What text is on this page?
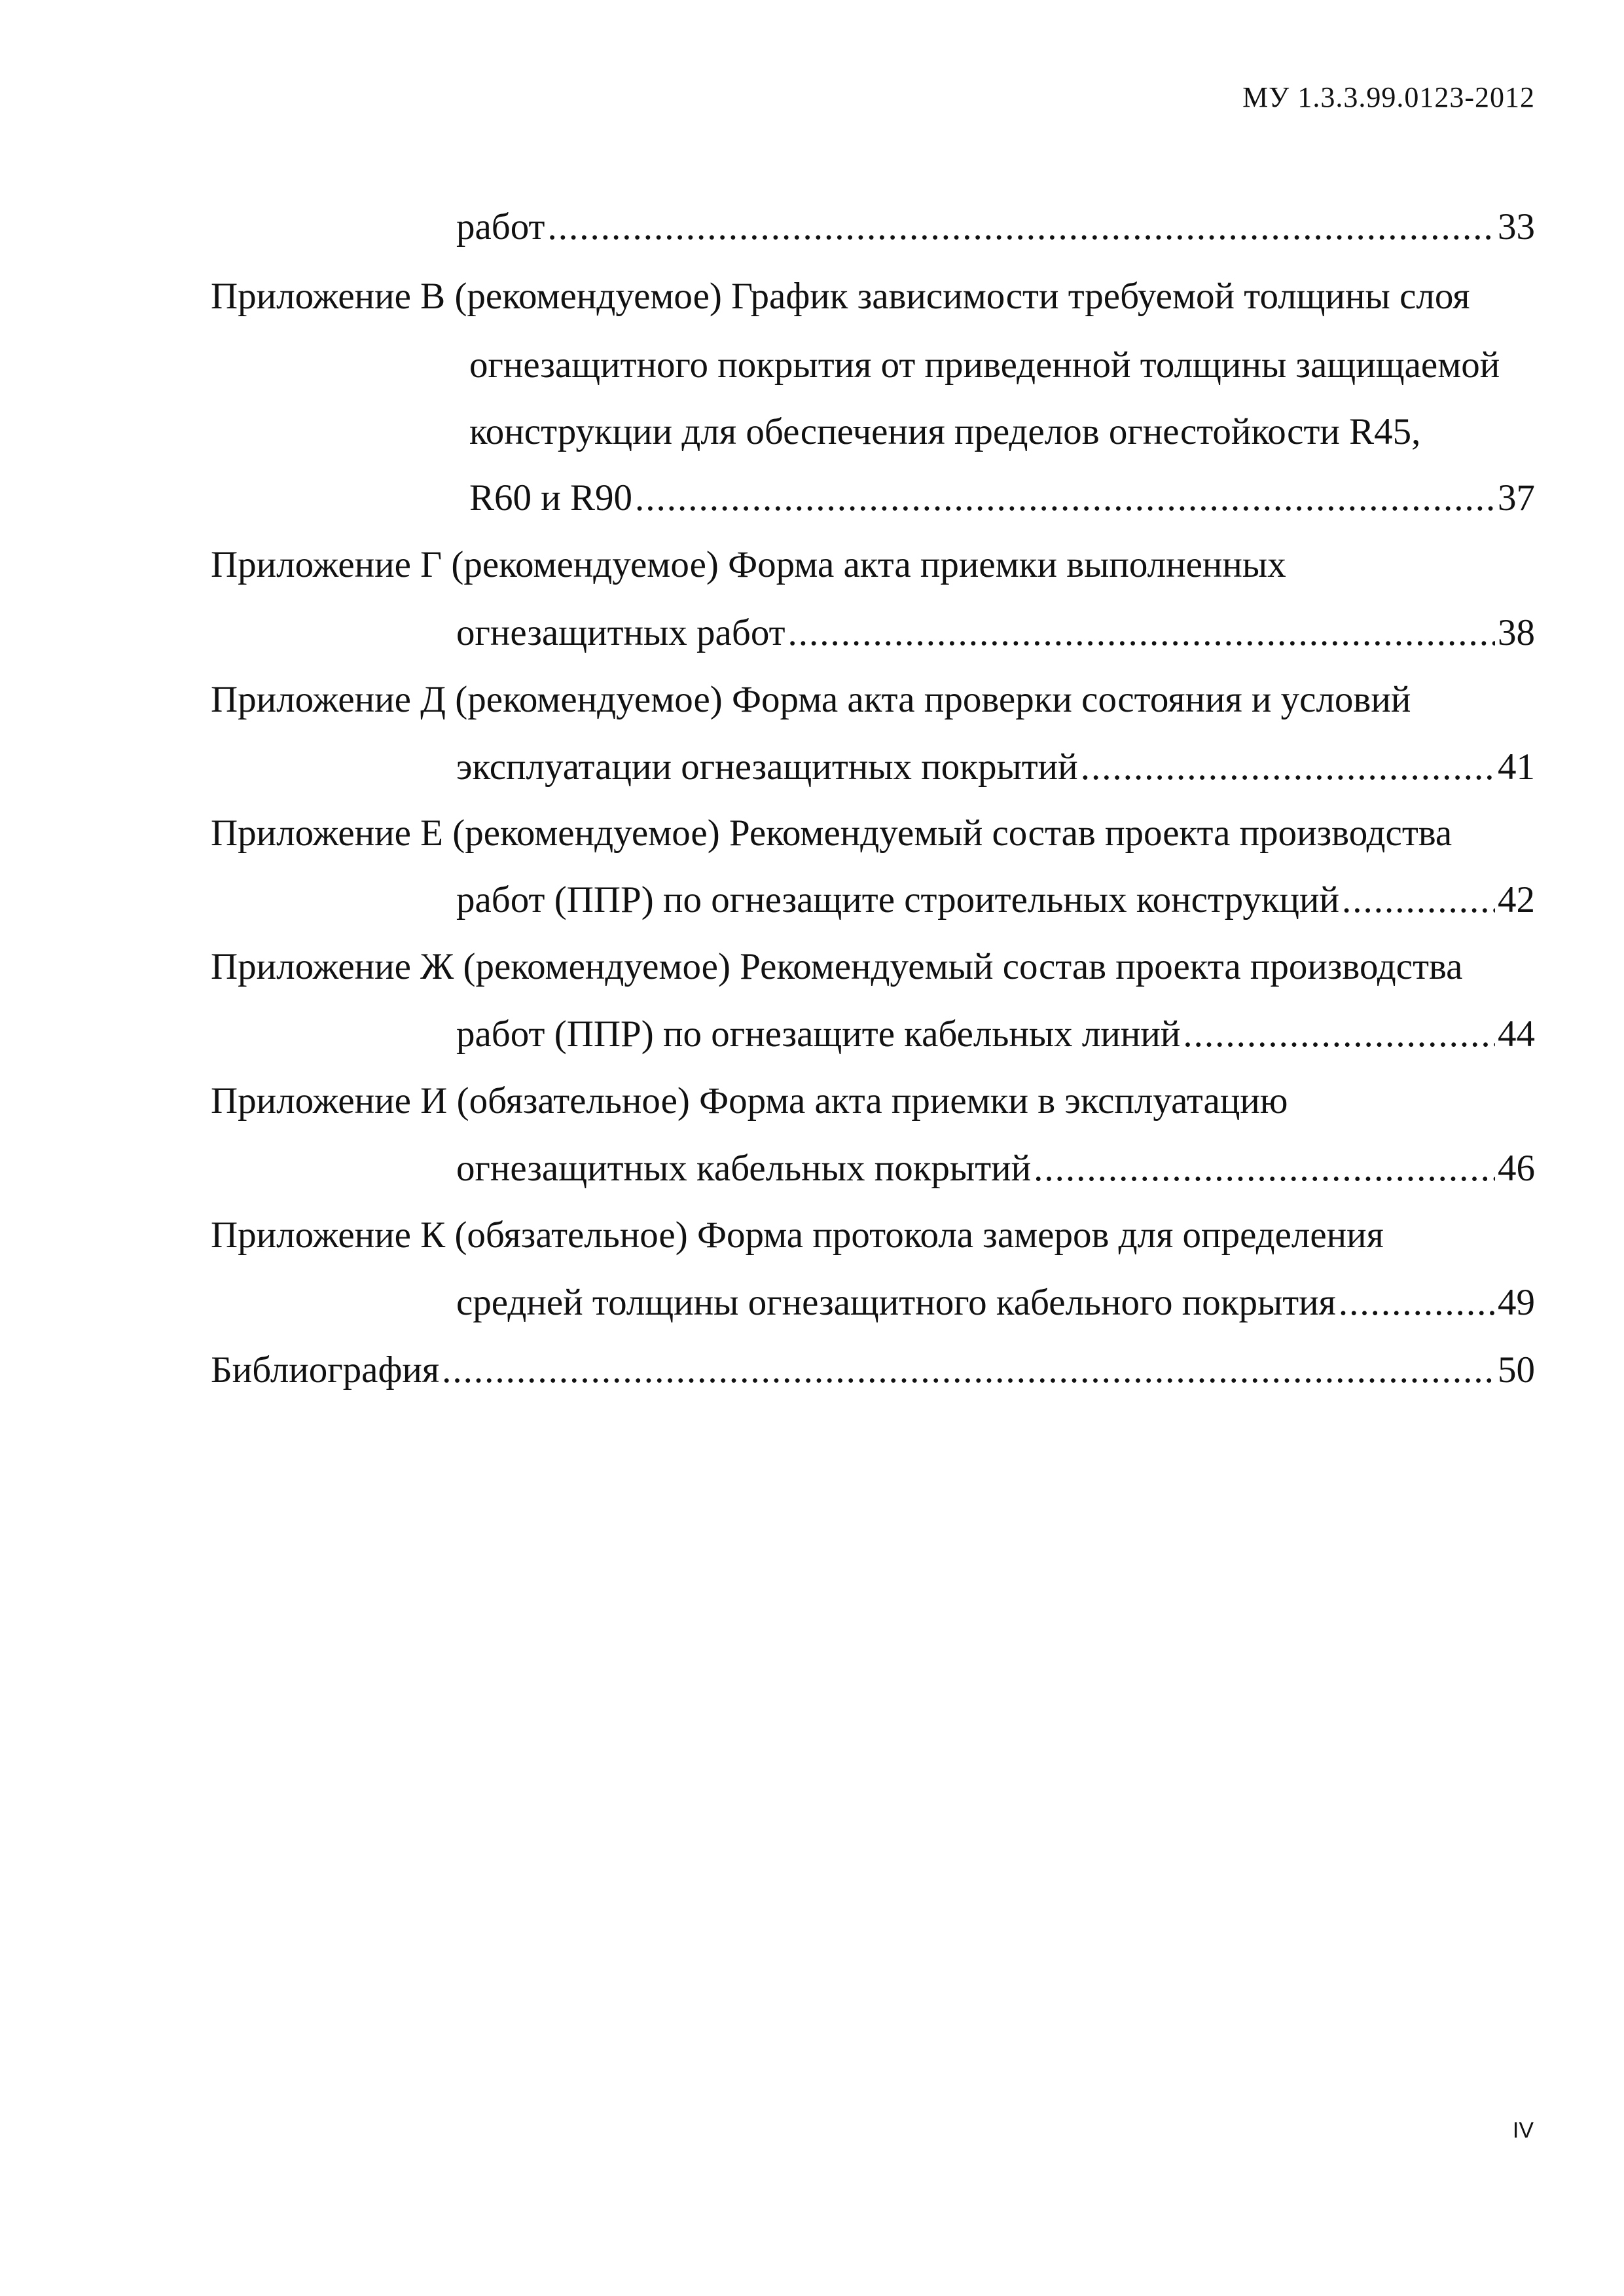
МУ 1.3.3.99.0123-2012
работ .....	33
Приложение В (рекомендуемое) График зависимости требуемой толщины слоя
огнезащитного покрытия от приведенной толщины защищаемой
конструкции для обеспечения пределов огнестойкости R45,
R60 и R90 .....	37
Приложение Г (рекомендуемое) Форма акта приемки выполненных
огнезащитных работ .....	38
Приложение Д (рекомендуемое) Форма акта проверки состояния и условий
эксплуатации огнезащитных покрытий .....	41
Приложение Е (рекомендуемое) Рекомендуемый состав проекта производства
работ (ППР) по огнезащите строительных конструкций .....	42
Приложение Ж (рекомендуемое) Рекомендуемый состав проекта производства
работ (ППР) по огнезащите кабельных линий .....	44
Приложение И (обязательное) Форма акта приемки в эксплуатацию
огнезащитных кабельных покрытий .....	46
Приложение К (обязательное) Форма протокола замеров для определения
средней толщины огнезащитного кабельного покрытия .....	49
Библиография .....	50
IV
